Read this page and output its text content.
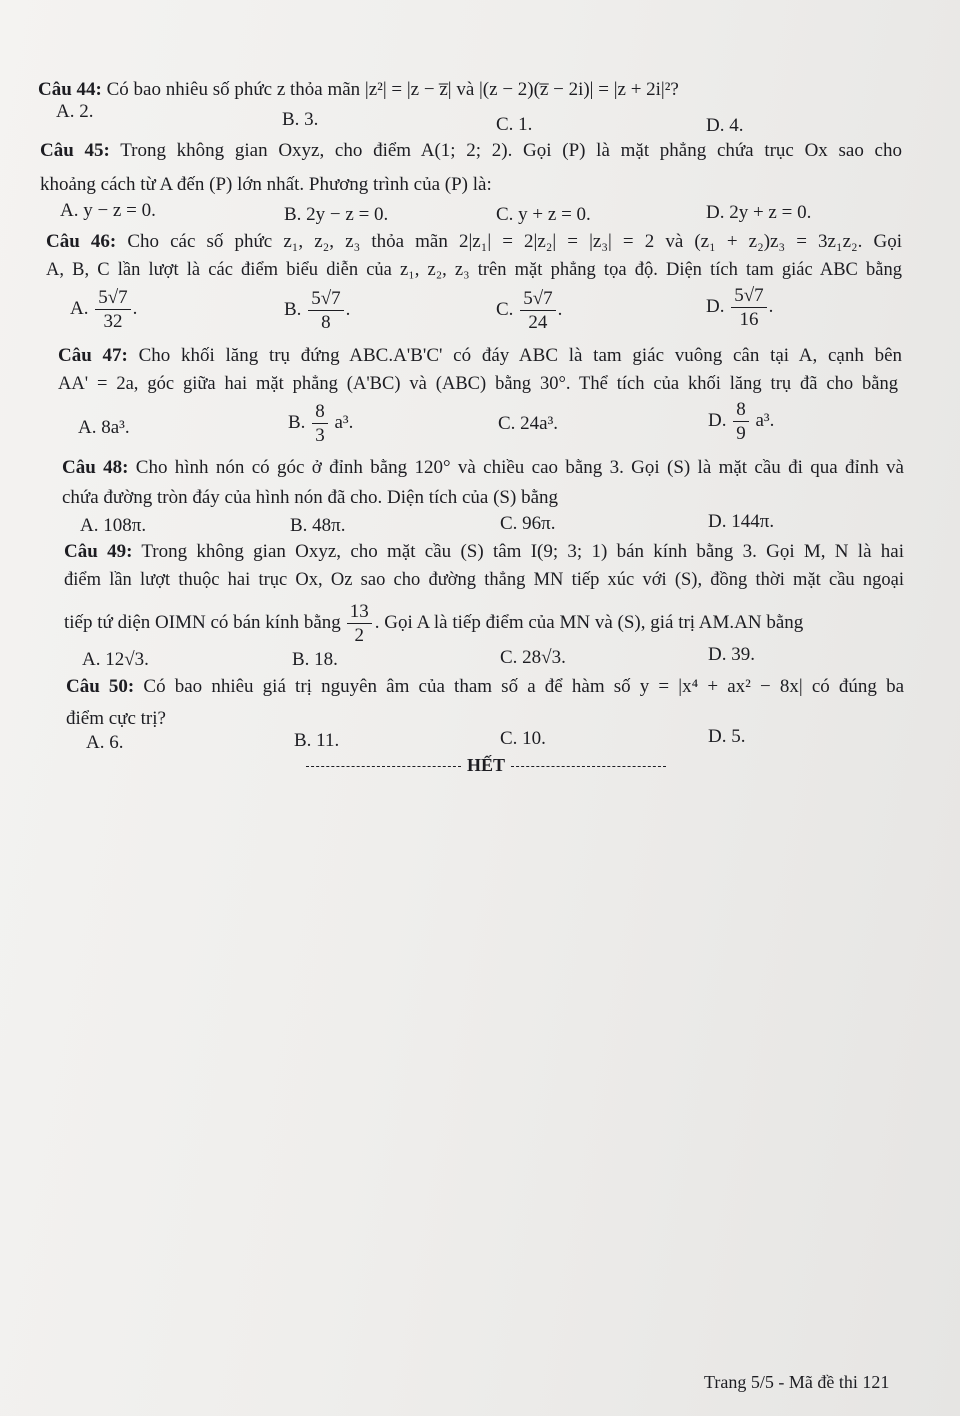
Câu 44: Có bao nhiêu số phức z thỏa mãn |z²| = |z − z̅| và |(z − 2)(z̅ − 2i)| = |z + 2i|²?
A. 2.	B. 3.	C. 1.	D. 4.
Câu 45: Trong không gian Oxyz, cho điểm A(1; 2; 2). Gọi (P) là mặt phẳng chứa trục Ox sao cho
khoảng cách từ A đến (P) lớn nhất. Phương trình của (P) là:
A. y − z = 0.	B. 2y − z = 0.	C. y + z = 0.	D. 2y + z = 0.
Câu 46: Cho các số phức z₁, z₂, z₃ thỏa mãn 2|z₁| = 2|z₂| = |z₃| = 2 và (z₁ + z₂)z₃ = 3z₁z₂. Gọi
A, B, C lần lượt là các điểm biểu diễn của z₁, z₂, z₃ trên mặt phẳng tọa độ. Diện tích tam giác ABC bằng
A. $\frac{5√7}{32}$ .	B. $\frac{5√7}{8}$ .	C. $\frac{5√7}{24}$ .	D. $\frac{5√7}{16}$ .
Câu 47: Cho khối lăng trụ đứng ABC.A'B'C' có đáy ABC là tam giác vuông cân tại A, cạnh bên
AA' = 2a, góc giữa hai mặt phẳng (A'BC) và (ABC) bằng 30°. Thể tích của khối lăng trụ đã cho bằng
A. 8a³.	B. $\frac{8}{3} a^3$.	C. 24a³.	D. $\frac{8}{9} a^3$.
Câu 48: Cho hình nón có góc ở đỉnh bằng 120° và chiều cao bằng 3. Gọi (S) là mặt cầu đi qua đỉnh và
chứa đường tròn đáy của hình nón đã cho. Diện tích của (S) bằng
A. 108π.	B. 48π.	C. 96π.	D. 144π.
Câu 49: Trong không gian Oxyz, cho mặt cầu (S) tâm I(9; 3; 1) bán kính bằng 3. Gọi M, N là hai
điểm lần lượt thuộc hai trục Ox, Oz sao cho đường thẳng MN tiếp xúc với (S), đồng thời mặt cầu ngoại
tiếp tứ diện OIMN có bán kính bằng $\frac{13}{2}$ . Gọi A là tiếp điểm của MN và (S), giá trị AM.AN bằng
A. 12√3.	B. 18.	C. 28√3.	D. 39.
Câu 50: Có bao nhiêu giá trị nguyên âm của tham số a để hàm số y = |x⁴ + ax² − 8x| có đúng ba
điểm cực trị?
A. 6.	B. 11.	C. 10.	D. 5.
HẾT
Trang 5/5 - Mã đề thi 121
